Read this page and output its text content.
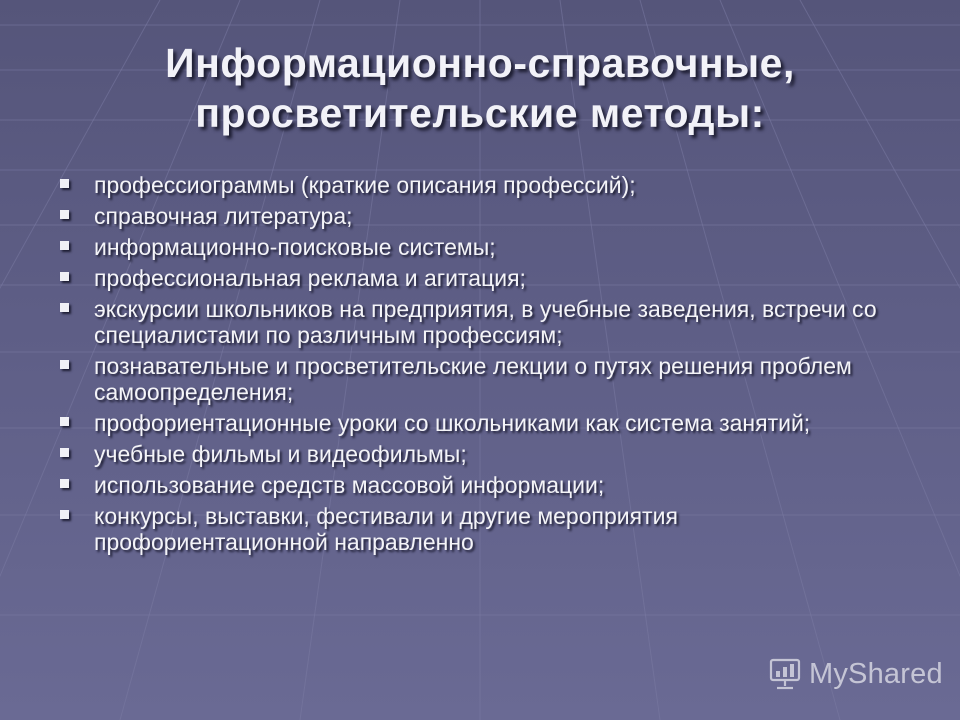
Информационно-справочные,
просветительские методы:
профессиограммы (краткие описания профессий);
справочная литература;
информационно-поисковые системы;
профессиональная реклама и агитация;
экскурсии школьников на предприятия, в учебные заведения, встречи со специалистами по различным профессиям;
познавательные и просветительские лекции о путях решения проблем самоопределения;
профориентационные уроки со школьниками как система занятий;
учебные фильмы и видеофильмы;
использование средств массовой информации;
конкурсы, выставки, фестивали и другие мероприятия профориентационной направленно
MyShared
